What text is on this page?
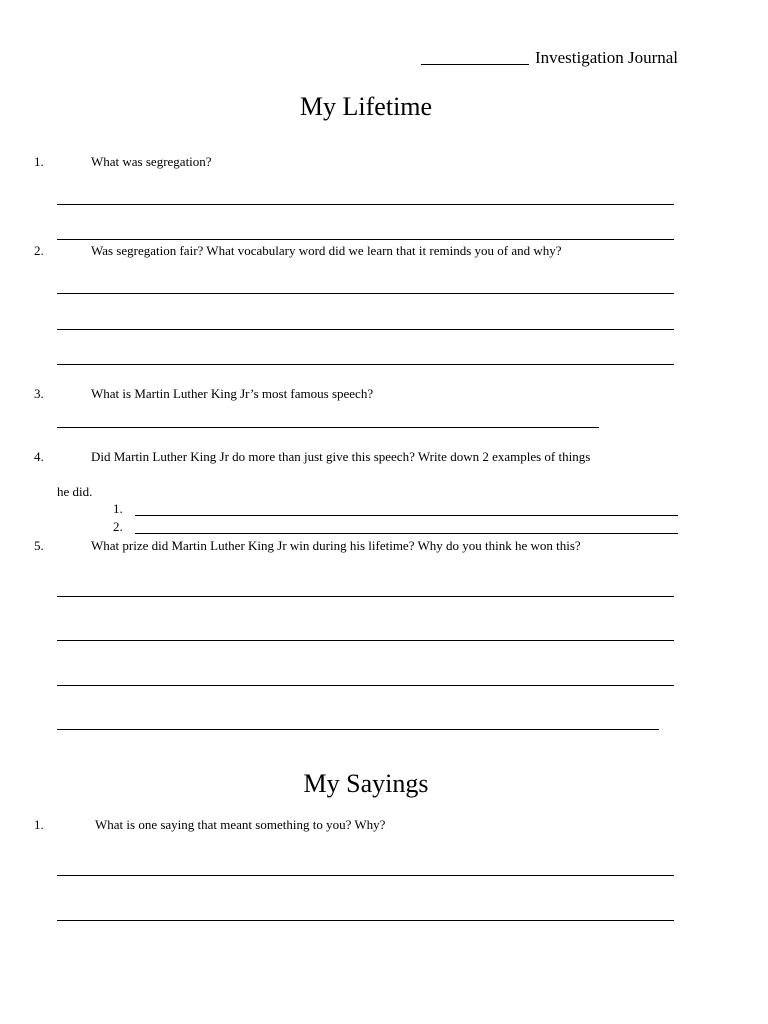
Investigation Journal
My Lifetime
1.	What was segregation?
2.	Was segregation fair? What vocabulary word did we learn that it reminds you of and why?
3.	What is Martin Luther King Jr’s most famous speech?
4.	Did Martin Luther King Jr do more than just give this speech? Write down 2 examples of things
he did.
1.
2.
5.	What prize did Martin Luther King Jr win during his lifetime? Why do you think he won this?
My Sayings
1.	What is one saying that meant something to you? Why?
